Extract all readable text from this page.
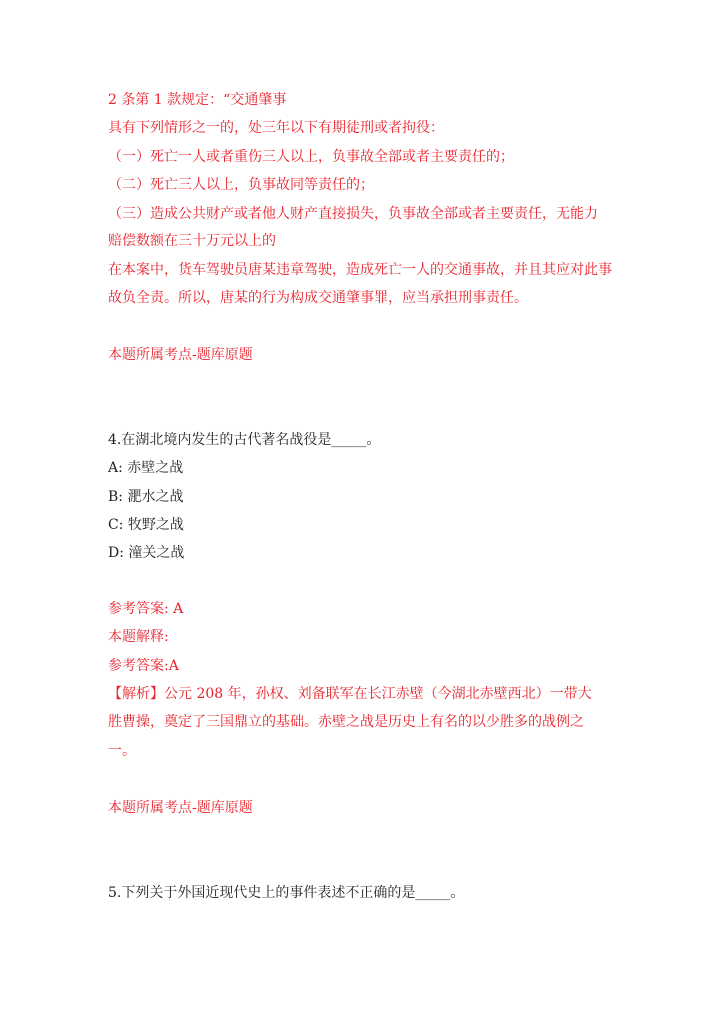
2 条第 1 款规定：“交通肇事
具有下列情形之一的，处三年以下有期徒刑或者拘役：
（一）死亡一人或者重伤三人以上，负事故全部或者主要责任的；
（二）死亡三人以上，负事故同等责任的；
（三）造成公共财产或者他人财产直接损失，负事故全部或者主要责任，无能力
赔偿数额在三十万元以上的
在本案中，货车驾驶员唐某违章驾驶，造成死亡一人的交通事故，并且其应对此事
故负全责。所以，唐某的行为构成交通肇事罪，应当承担刑事责任。
本题所属考点-题库原题
4.在湖北境内发生的古代著名战役是_____。
A: 赤壁之战
B: 淝水之战
C: 牧野之战
D: 潼关之战
参考答案: A
本题解释:
参考答案:A
【解析】公元 208 年，孙权、刘备联军在长江赤壁（今湖北赤壁西北）一带大
胜曹操，奠定了三国鼎立的基础。赤壁之战是历史上有名的以少胜多的战例之
一。
本题所属考点-题库原题
5.下列关于外国近现代史上的事件表述不正确的是_____。
